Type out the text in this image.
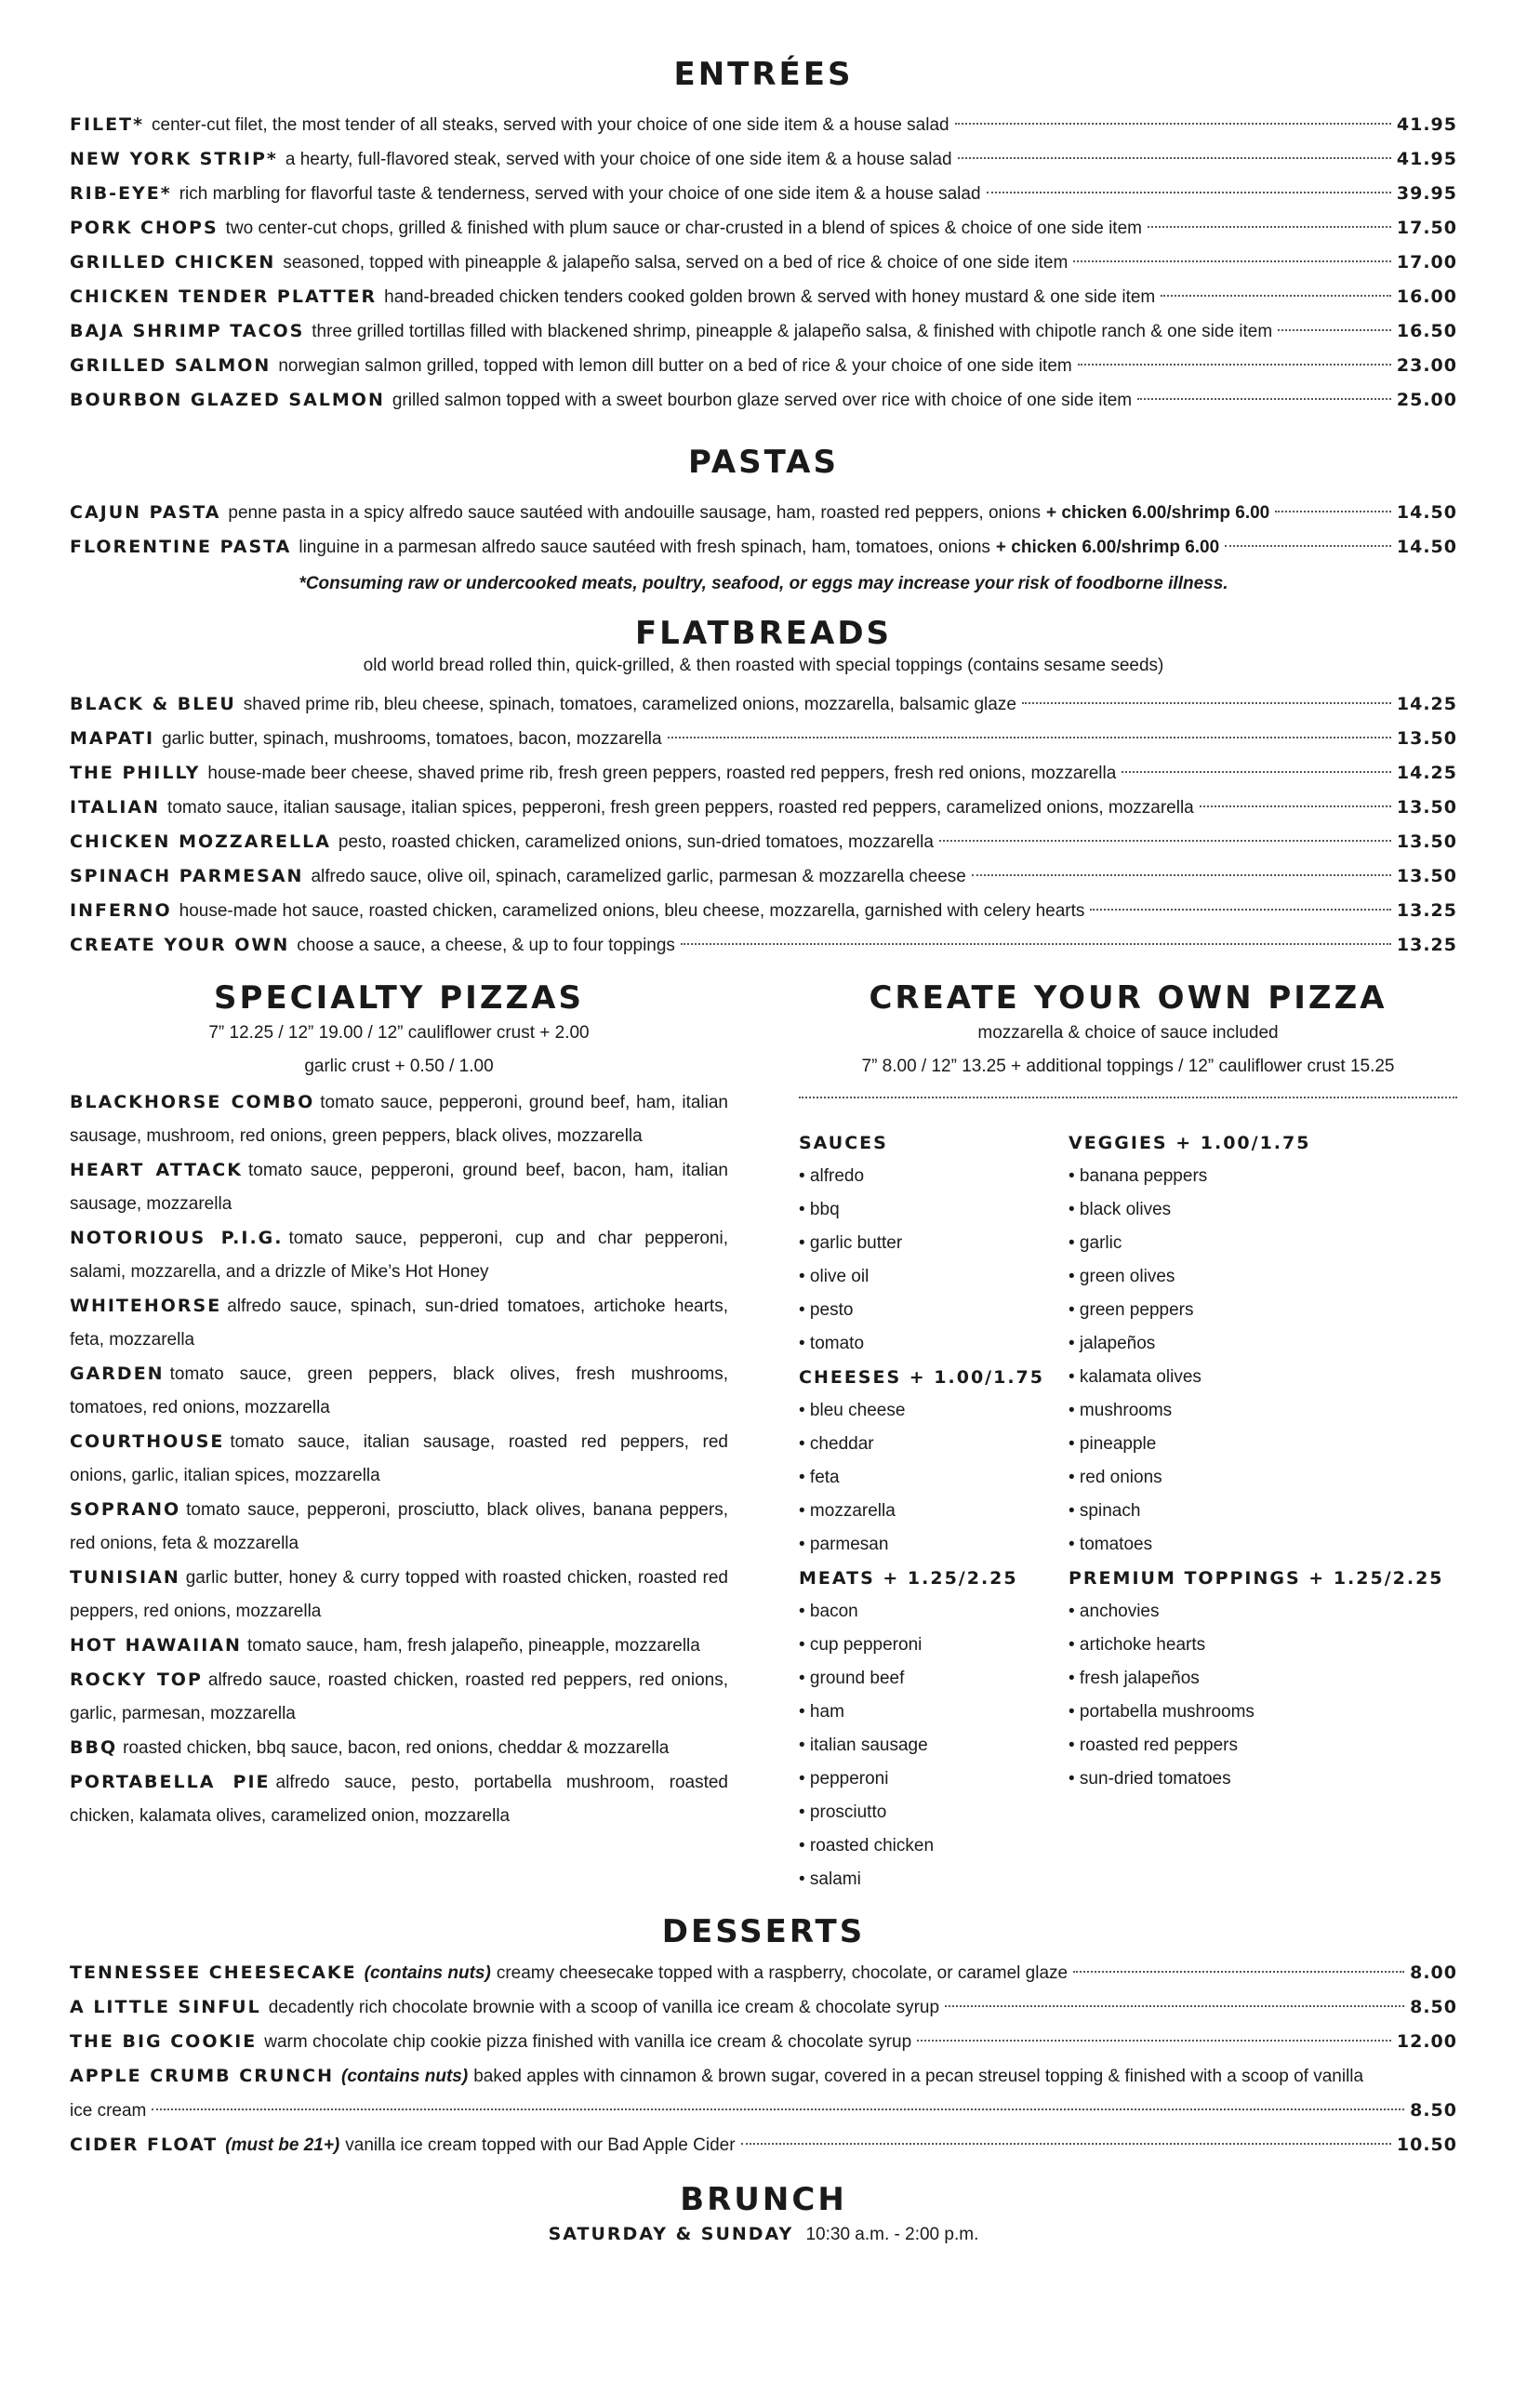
ENTRÉES
FILET* center-cut filet, the most tender of all steaks, served with your choice of one side item & a house salad	41.95
NEW YORK STRIP* a hearty, full-flavored steak, served with your choice of one side item & a house salad	41.95
RIB-EYE* rich marbling for flavorful taste & tenderness, served with your choice of one side item & a house salad	39.95
PORK CHOPS two center-cut chops, grilled & finished with plum sauce or char-crusted in a blend of spices & choice of one side item	17.50
GRILLED CHICKEN seasoned, topped with pineapple & jalapeño salsa, served on a bed of rice & choice of one side item	17.00
CHICKEN TENDER PLATTER hand-breaded chicken tenders cooked golden brown & served with honey mustard & one side item	16.00
BAJA SHRIMP TACOS three grilled tortillas filled with blackened shrimp, pineapple & jalapeño salsa, & finished with chipotle ranch & one side item	16.50
GRILLED SALMON norwegian salmon grilled, topped with lemon dill butter on a bed of rice & your choice of one side item	23.00
BOURBON GLAZED SALMON grilled salmon topped with a sweet bourbon glaze served over rice with choice of one side item	25.00
PASTAS
CAJUN PASTA penne pasta in a spicy alfredo sauce sautéed with andouille sausage, ham, roasted red peppers, onions + chicken 6.00/shrimp 6.00	14.50
FLORENTINE PASTA linguine in a parmesan alfredo sauce sautéed with fresh spinach, ham, tomatoes, onions + chicken 6.00/shrimp 6.00	14.50
*Consuming raw or undercooked meats, poultry, seafood, or eggs may increase your risk of foodborne illness.
FLATBREADS
old world bread rolled thin, quick-grilled, & then roasted with special toppings (contains sesame seeds)
BLACK & BLEU shaved prime rib, bleu cheese, spinach, tomatoes, caramelized onions, mozzarella, balsamic glaze	14.25
MAPATI garlic butter, spinach, mushrooms, tomatoes, bacon, mozzarella	13.50
THE PHILLY house-made beer cheese, shaved prime rib, fresh green peppers, roasted red peppers, fresh red onions, mozzarella	14.25
ITALIAN tomato sauce, italian sausage, italian spices, pepperoni, fresh green peppers, roasted red peppers, caramelized onions, mozzarella	13.50
CHICKEN MOZZARELLA pesto, roasted chicken, caramelized onions, sun-dried tomatoes, mozzarella	13.50
SPINACH PARMESAN alfredo sauce, olive oil, spinach, caramelized garlic, parmesan & mozzarella cheese	13.50
INFERNO house-made hot sauce, roasted chicken, caramelized onions, bleu cheese, mozzarella, garnished with celery hearts	13.25
CREATE YOUR OWN choose a sauce, a cheese, & up to four toppings	13.25
SPECIALTY PIZZAS
7” 12.25 / 12” 19.00 / 12” cauliflower crust + 2.00
garlic crust + 0.50 / 1.00
BLACKHORSE COMBO tomato sauce, pepperoni, ground beef, ham, italian sausage, mushroom, red onions, green peppers, black olives, mozzarella
HEART ATTACK tomato sauce, pepperoni, ground beef, bacon, ham, italian sausage, mozzarella
NOTORIOUS P.I.G. tomato sauce, pepperoni, cup and char pepperoni, salami, mozzarella, and a drizzle of Mike’s Hot Honey
WHITEHORSE alfredo sauce, spinach, sun-dried tomatoes, artichoke hearts, feta, mozzarella
GARDEN tomato sauce, green peppers, black olives, fresh mushrooms, tomatoes, red onions, mozzarella
COURTHOUSE tomato sauce, italian sausage, roasted red peppers, red onions, garlic, italian spices, mozzarella
SOPRANO tomato sauce, pepperoni, prosciutto, black olives, banana peppers, red onions, feta & mozzarella
TUNISIAN garlic butter, honey & curry topped with roasted chicken, roasted red peppers, red onions, mozzarella
HOT HAWAIIAN tomato sauce, ham, fresh jalapeño, pineapple, mozzarella
ROCKY TOP alfredo sauce, roasted chicken, roasted red peppers, red onions, garlic, parmesan, mozzarella
BBQ roasted chicken, bbq sauce, bacon, red onions, cheddar & mozzarella
PORTABELLA PIE alfredo sauce, pesto, portabella mushroom, roasted chicken, kalamata olives, caramelized onion, mozzarella
CREATE YOUR OWN PIZZA
mozzarella & choice of sauce included
7” 8.00 / 12” 13.25 + additional toppings / 12” cauliflower crust 15.25
SAUCES
• alfredo
• bbq
• garlic butter
• olive oil
• pesto
• tomato
CHEESES + 1.00/1.75
• bleu cheese
• cheddar
• feta
• mozzarella
• parmesan
MEATS + 1.25/2.25
• bacon
• cup pepperoni
• ground beef
• ham
• italian sausage
• pepperoni
• prosciutto
• roasted chicken
• salami
VEGGIES + 1.00/1.75
• banana peppers
• black olives
• garlic
• green olives
• green peppers
• jalapeños
• kalamata olives
• mushrooms
• pineapple
• red onions
• spinach
• tomatoes
PREMIUM TOPPINGS + 1.25/2.25
• anchovies
• artichoke hearts
• fresh jalapeños
• portabella mushrooms
• roasted red peppers
• sun-dried tomatoes
DESSERTS
TENNESSEE CHEESECAKE (contains nuts) creamy cheesecake topped with a raspberry, chocolate, or caramel glaze	8.00
A LITTLE SINFUL decadently rich chocolate brownie with a scoop of vanilla ice cream & chocolate syrup	8.50
THE BIG COOKIE warm chocolate chip cookie pizza finished with vanilla ice cream & chocolate syrup	12.00
APPLE CRUMB CRUNCH (contains nuts) baked apples with cinnamon & brown sugar, covered in a pecan streusel topping & finished with a scoop of vanilla
ice cream	8.50
CIDER FLOAT (must be 21+) vanilla ice cream topped with our Bad Apple Cider	10.50
BRUNCH
SATURDAY & SUNDAY 10:30 a.m. - 2:00 p.m.
